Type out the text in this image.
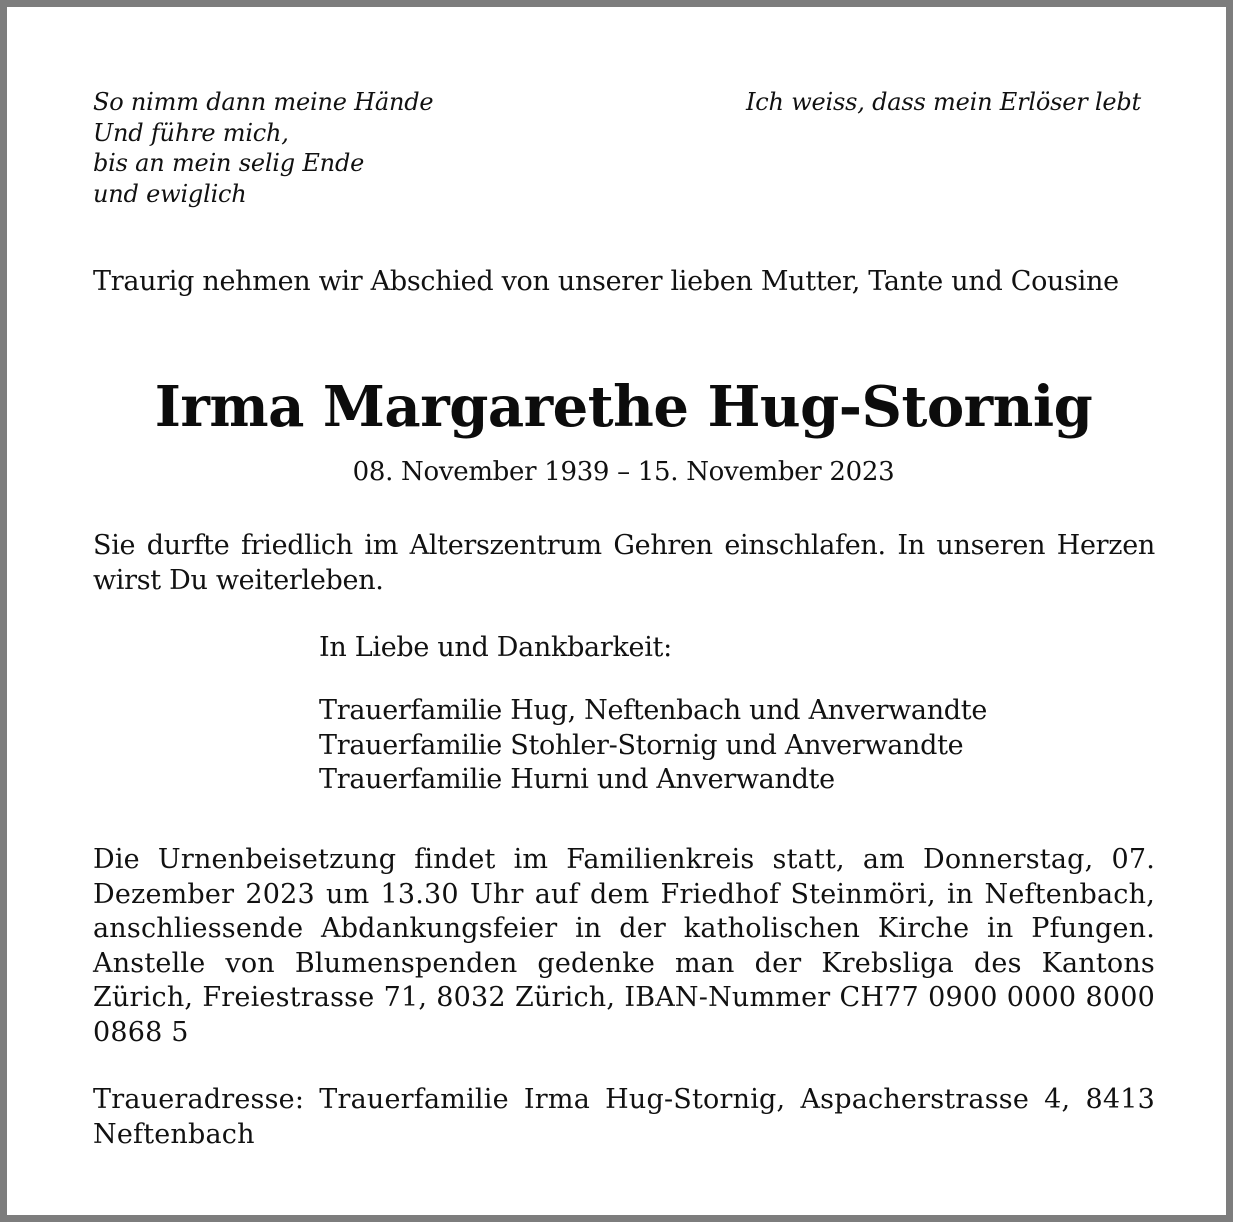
So nimm dann meine Hände
Und führe mich,
bis an mein selig Ende
und ewiglich
Ich weiss, dass mein Erlöser lebt
Traurig nehmen wir Abschied von unserer lieben Mutter, Tante und Cousine
Irma Margarethe Hug-Stornig
08. November 1939 – 15. November 2023
Sie durfte friedlich im Alterszentrum Gehren einschlafen. In unseren Herzen wirst Du weiterleben.
In Liebe und Dankbarkeit:
Trauerfamilie Hug, Neftenbach und Anverwandte
Trauerfamilie Stohler-Stornig und Anverwandte
Trauerfamilie Hurni und Anverwandte
Die Urnenbeisetzung findet im Familienkreis statt, am Donnerstag, 07. Dezember 2023 um 13.30 Uhr auf dem Friedhof Steinmöri, in Neftenbach, anschliessende Abdankungsfeier in der katholischen Kirche in Pfungen. Anstelle von Blumenspenden gedenke man der Krebsliga des Kantons Zürich, Freiestrasse 71, 8032 Zürich, IBAN-Nummer CH77 0900 0000 8000 0868 5
Traueradresse: Trauerfamilie Irma Hug-Stornig, Aspacherstrasse 4, 8413 Neftenbach
